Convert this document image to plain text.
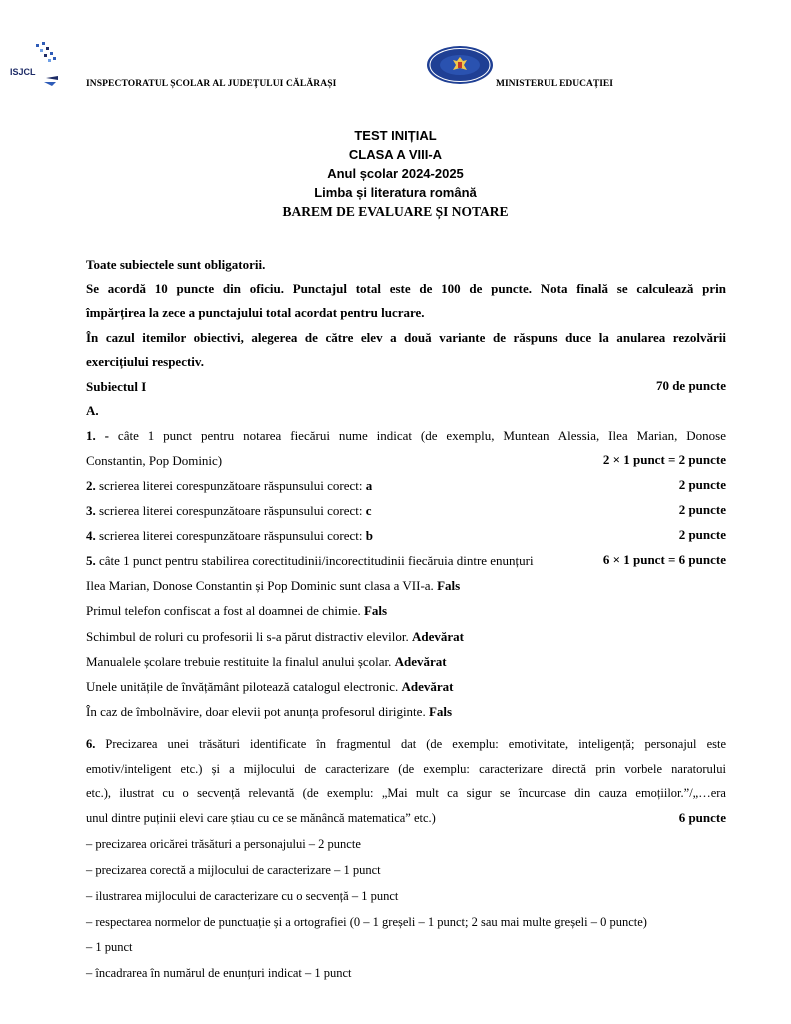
ISJCL
INSPECTORATUL ȘCOLAR AL JUDEȚULUI CĂLĂRAȘI	MINISTERUL EDUCAȚIEI
TEST INIȚIAL
CLASA A VIII-A
Anul școlar 2024-2025
Limba și literatura română
BAREM DE EVALUARE ȘI NOTARE
Toate subiectele sunt obligatorii.
Se acordă 10 puncte din oficiu. Punctajul total este de 100 de puncte. Nota finală se calculează prin
împărțirea la zece a punctajului total acordat pentru lucrare.
În cazul itemilor obiectivi, alegerea de către elev a două variante de răspuns duce la anularea rezolvării
exercițiului respectiv.
Subiectul I	70 de puncte
A.
1. - câte 1 punct pentru notarea fiecărui nume indicat (de exemplu, Muntean Alessia, Ilea Marian, Donose
Constantin, Pop Dominic)	2 × 1 punct = 2 puncte
2. scrierea literei corespunzătoare răspunsului corect: a	2 puncte
3. scrierea literei corespunzătoare răspunsului corect: c	2 puncte
4. scrierea literei corespunzătoare răspunsului corect: b	2 puncte
5. câte 1 punct pentru stabilirea corectitudinii/incorectitudinii fiecăruia dintre enunțuri	6 × 1 punct = 6 puncte
Ilea Marian, Donose Constantin și Pop Dominic sunt clasa a VII-a. Fals
Primul telefon confiscat a fost al doamnei de chimie. Fals
Schimbul de roluri cu profesorii li s-a părut distractiv elevilor. Adevărat
Manualele școlare trebuie restituite la finalul anului școlar. Adevărat
Unele unitățile de învățământ pilotează catalogul electronic. Adevărat
În caz de îmbolnăvire, doar elevii pot anunța profesorul diriginte. Fals
6. Precizarea unei trăsături identificate în fragmentul dat (de exemplu: emotivitate, inteligență; personajul este
emotiv/inteligent etc.) și a mijlocului de caracterizare (de exemplu: caracterizare directă prin vorbele naratorului
etc.), ilustrat cu o secvență relevantă (de exemplu: „Mai mult ca sigur se încurcase din cauza emoțiilor.”/„…era
unul dintre puținii elevi care știau cu ce se mănâncă matematica” etc.)	6 puncte
– precizarea oricărei trăsături a personajului – 2 puncte
– precizarea corectă a mijlocului de caracterizare – 1 punct
– ilustrarea mijlocului de caracterizare cu o secvență – 1 punct
– respectarea normelor de punctuație și a ortografiei (0 – 1 greșeli – 1 punct; 2 sau mai multe greșeli – 0 puncte)
– 1 punct
– încadrarea în numărul de enunțuri indicat – 1 punct
